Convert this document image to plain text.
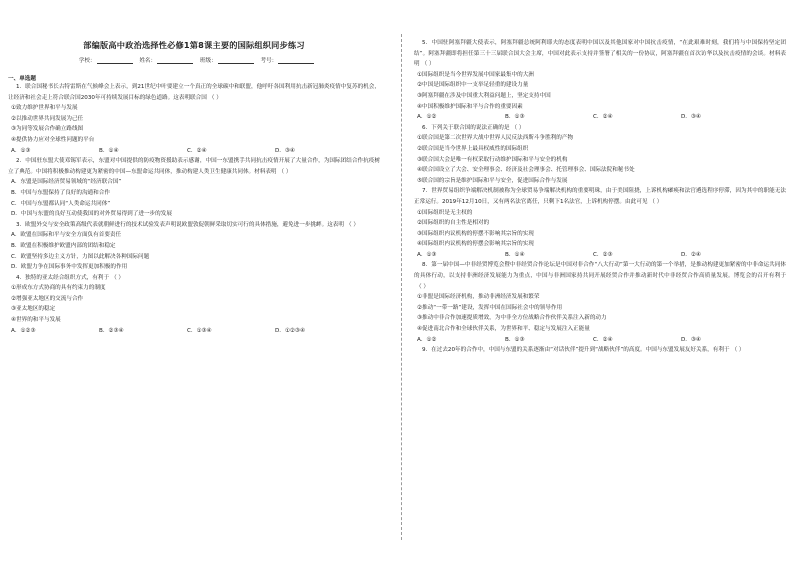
部编版高中政治选择性必修1第8课主要的国际组织同步练习
学校：	姓名：	班级：	考号：
一、单选题

1．联合国秘书长古特雷斯在气候峰会上表示，到21世纪中叶要建立一个真正的全球碳中和联盟，他呼吁各国利用抗击新冠肺炎疫情中复苏的机会，让经济和社会走上符合联合国2030年可持续发展目标的绿色道路。这表明联合国 （ ）

①致力维护世界和平与发展

②以推动世界共同发展为己任

③为同等发展合作确立路线图

④提供协力应对全球性问题的平台

A．①③	B．①④	C．②④	D．③④

2．中国驻东盟大使邓锡军表示，东盟对中国提供的防疫物资援助表示感谢，中国一东盟携手共同抗击疫情开展了大量合作，为国际团结合作抗疫树立了典范。中国将积极推动构建更为紧密的中国—东盟命运共同体，推动构建人类卫生健康共同体。材料表明 （ ）

A．东盟是国际经济贸易领域的“经济联合国”

B．中国与东盟保持了良好的沟通和合作

C．中国与东盟都认同“人类命运共同体”

D．中国与东盟的良好互动使我国的对外贸易得到了进一步的发展

3．欧盟外交与安全政策高级代表就朝鲜进行的技术试验发表声明说欧盟敦促朝鲜采取切实可行的具体措施，避免进一步挑衅。这表明 （ ）

A．欧盟在国际和平与安全方面负有首要责任

B．欧盟在积极维护欧盟内部的团结和稳定

C．欧盟坚持多边主义方针，力图以此解决各种国际问题

D．欧盟力争在国际事务中发挥更加积极的作用

4．独特的亚太经合组织方式，有利于 （ ）

①形成东方式协商的具有约束力的制度

②增强亚太地区的交流与合作

③亚太地区的稳定

④世界的和平与发展

A．①②③	B．②③④	C．①③④	D．①②③④

5．中国驻阿塞拜疆大使表示，阿塞拜疆总统阿利耶夫的态度表明中国以及其他国家对中国抗击疫情，“在此艰难时刻，我们将与中国保持坚定团结”。阿塞拜疆即将担任第三十三届联合国大会主席，中国对此表示支持并签署了相关的一份协议，阿塞拜疆在首次访华以及抗击疫情的会谈。材料表明 （ ）

①国际组织是当今世界发展中国家最集中的大洲

②中国是国际组织中一支举足轻重的建设力量

③阿塞拜疆在涉及中国重大利益问题上，坚定支持中国

④中国积极维护国际和平与合作的重要因素

A．①②	B．①③	C．②④	D．③④

6．下列关于联合国的说法正确的是 （ ）

①联合国是第二次世界大战中世界人民反法西斯斗争胜利的产物

②联合国是当今世界上最具权威性的国际组织

③联合国大会是唯一有权采取行动维护国际和平与安全的机构

④联合国设立了大会、安全理事会、经济及社会理事会、托管理事会、国际法院和秘书处

⑤联合国的宗旨是维护国际和平与安全，促进国际合作与发展

7．世界贸易组织争端解决机制被称为全球贸易争端解决机构的重要明珠，由于美国阻挠，上诉机构瘫痪和法官遴选程序停滞，因为其中的职能无法正常运行。2019年12月10日，又有两名法官离任，只剩下1名法官，上诉机构停摆。由此可见 （ ）

①国际组织是无主权的

②国际组织的自主性是相对的

③国际组织内议机构的停摆不影响其宗旨的实现

④国际组织内议机构的停摆会影响其宗旨的实现

A．①③	B．①④	C．②③	D．②④

8．第一届中国—中非经贸博览会暨中非经贸合作论坛是中国对非合作“八大行动”第一大行动的第一个举措，是推动构建更加紧密的中非命运共同体的具体行动，以支持非洲经济发展能力为重点，中国与非洲国家持共同开展经贸合作并推动新时代中非经贸合作高质量发展。博览会的召开有利于（ ）

①非盟是国际经济机构，推动非洲经济发展和繁荣

②推动“一带一路”建设，发挥中国在国际社会中的领导作用

③推动中非合作加速提质增效，为中非全方位战略合作伙伴关系注入新的动力

④促进南北合作和全球伙伴关系，为世界和平、稳定与发展注入正能量

A．①②	B．①③	C．②④	D．③④

9．在过去20年的合作中，中国与东盟的关系逐渐由“对话伙伴”提升到“战略伙伴”的高度。中国与东盟发展友好关系，有利于 （ ）
